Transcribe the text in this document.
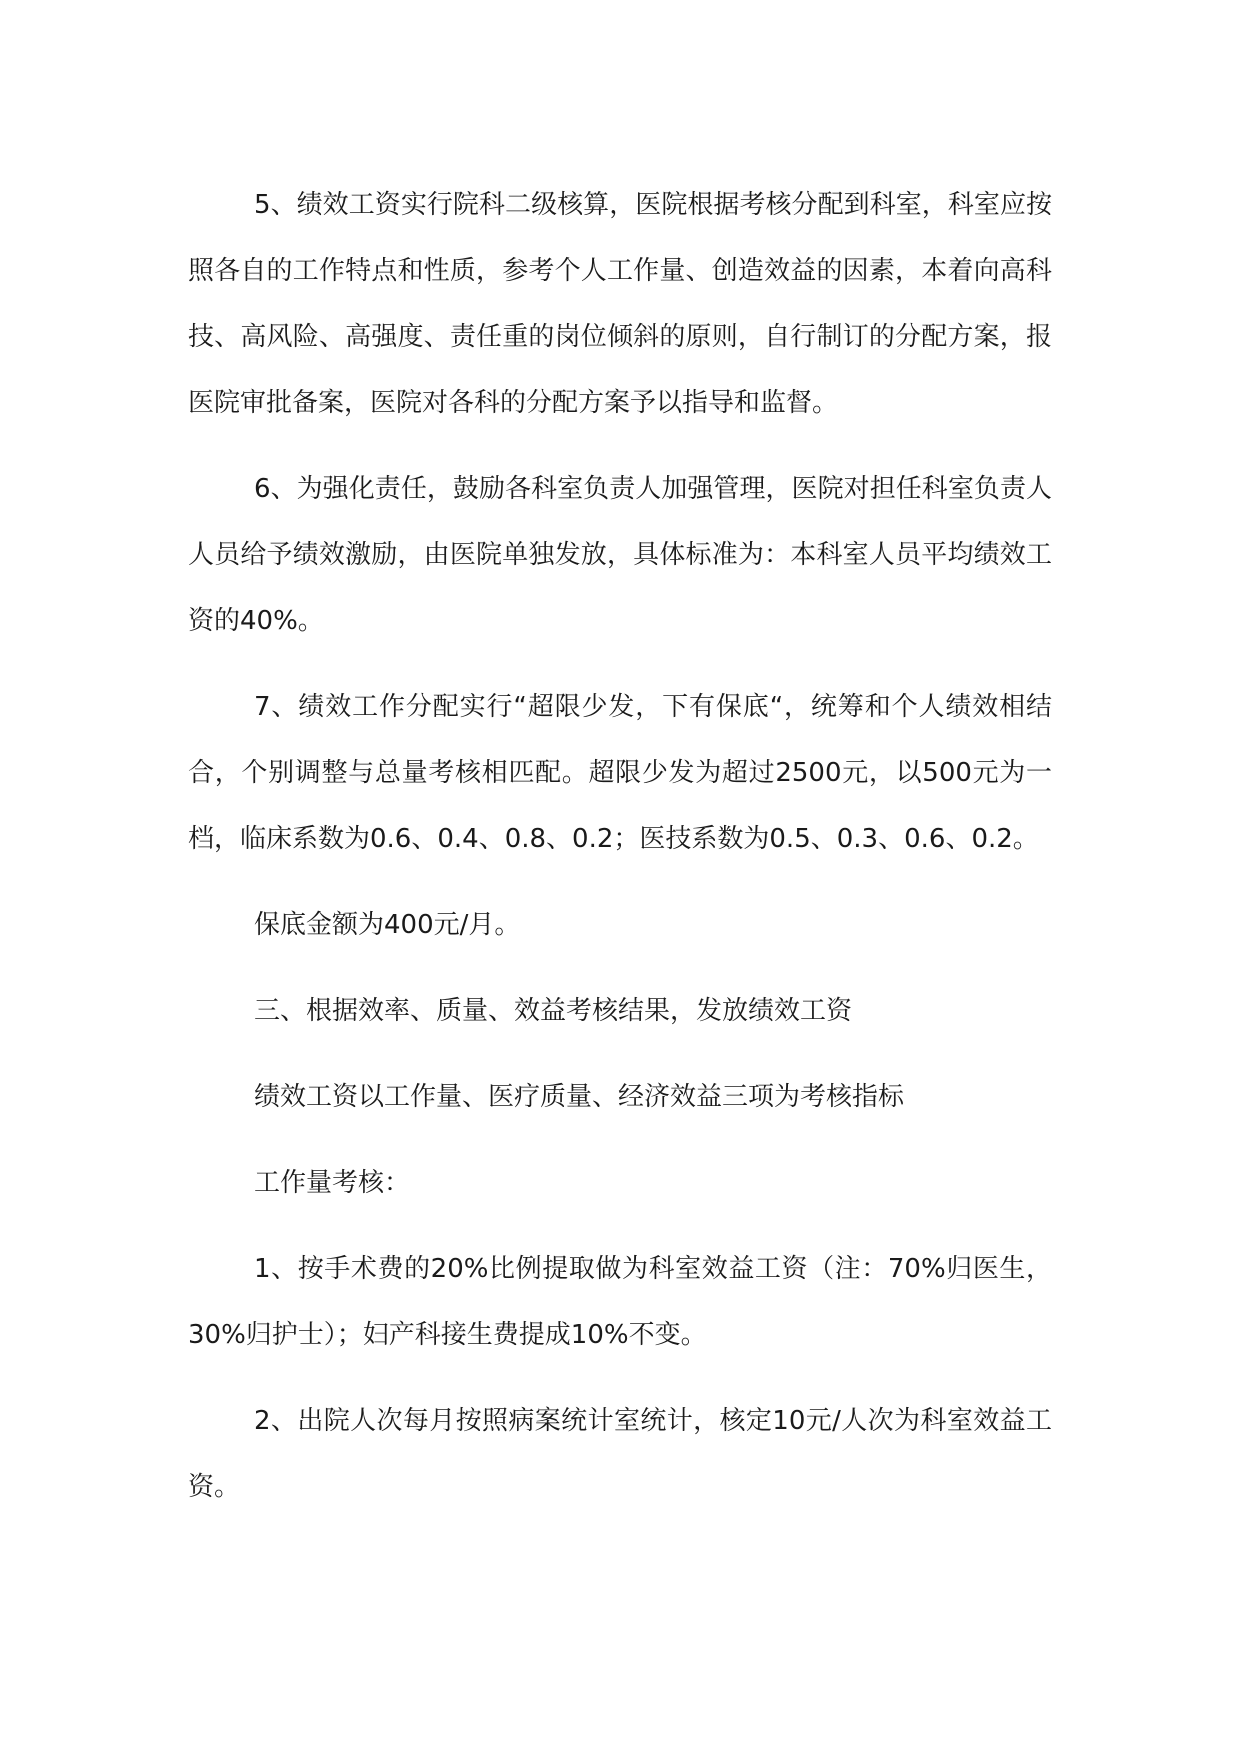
5、绩效工资实行院科二级核算，医院根据考核分配到科室，科室应按照各自的工作特点和性质，参考个人工作量、创造效益的因素，本着向高科技、高风险、高强度、责任重的岗位倾斜的原则，自行制订的分配方案，报医院审批备案，医院对各科的分配方案予以指导和监督。

6、为强化责任，鼓励各科室负责人加强管理，医院对担任科室负责人人员给予绩效激励，由医院单独发放，具体标准为：本科室人员平均绩效工资的40%。

7、绩效工作分配实行“超限少发，下有保底“，统筹和个人绩效相结合，个别调整与总量考核相匹配。超限少发为超过2500元，以500元为一档，临床系数为0.6、0.4、0.8、0.2；医技系数为0.5、0.3、0.6、0.2。

保底金额为400元/月。

三、根据效率、质量、效益考核结果，发放绩效工资

绩效工资以工作量、医疗质量、经济效益三项为考核指标

工作量考核：

1、按手术费的20%比例提取做为科室效益工资（注：70%归医生，30%归护士）；妇产科接生费提成10%不变。

2、出院人次每月按照病案统计室统计，核定10元/人次为科室效益工资。
